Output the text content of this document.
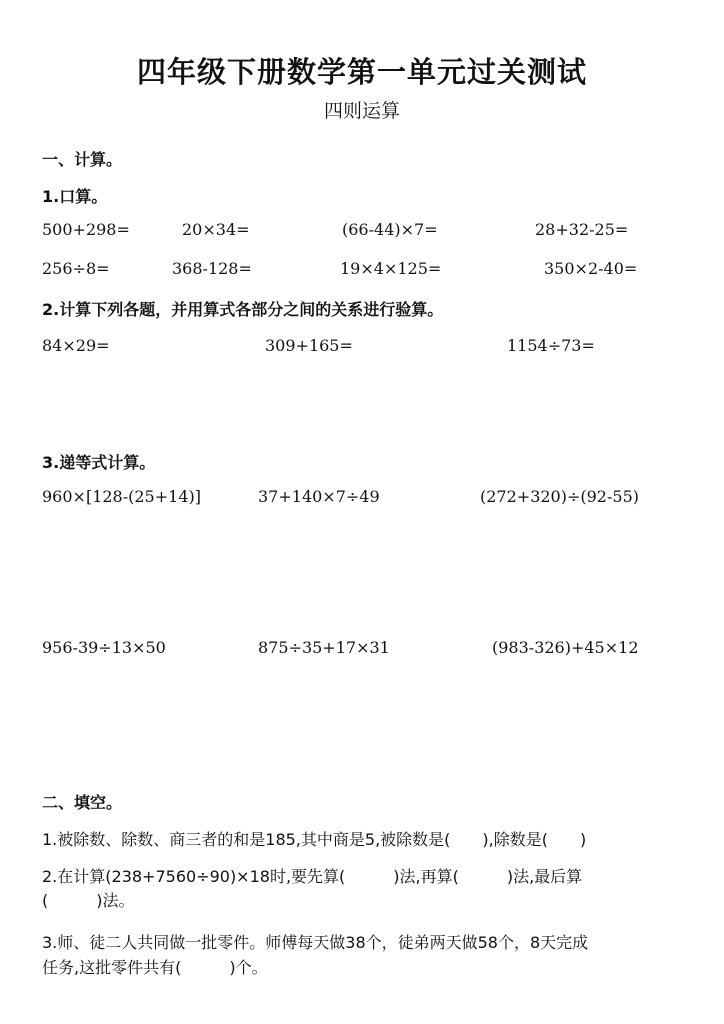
四年级下册数学第一单元过关测试
四则运算
一、计算。
1.口算。
500+298=	20×34=	(66-44)×7=	28+32-25=
256÷8=	368-128=	19×4×125=	350×2-40=
2.计算下列各题，并用算式各部分之间的关系进行验算。
84×29=	309+165=	1154÷73=
3.递等式计算。
960×[128-(25+14)]	37+140×7÷49	(272+320)÷(92-55)
956-39÷13×50	875÷35+17×31	(983-326)+45×12
二、填空。
1.被除数、除数、商三者的和是185,其中商是5,被除数是(　　),除数是(　　)
2.在计算(238+7560÷90)×18时,要先算(　　　)法,再算(　　　)法,最后算
(　　　)法。
3.师、徒二人共同做一批零件。师傅每天做38个，徒弟两天做58个，8天完成
任务,这批零件共有(　　　)个。
